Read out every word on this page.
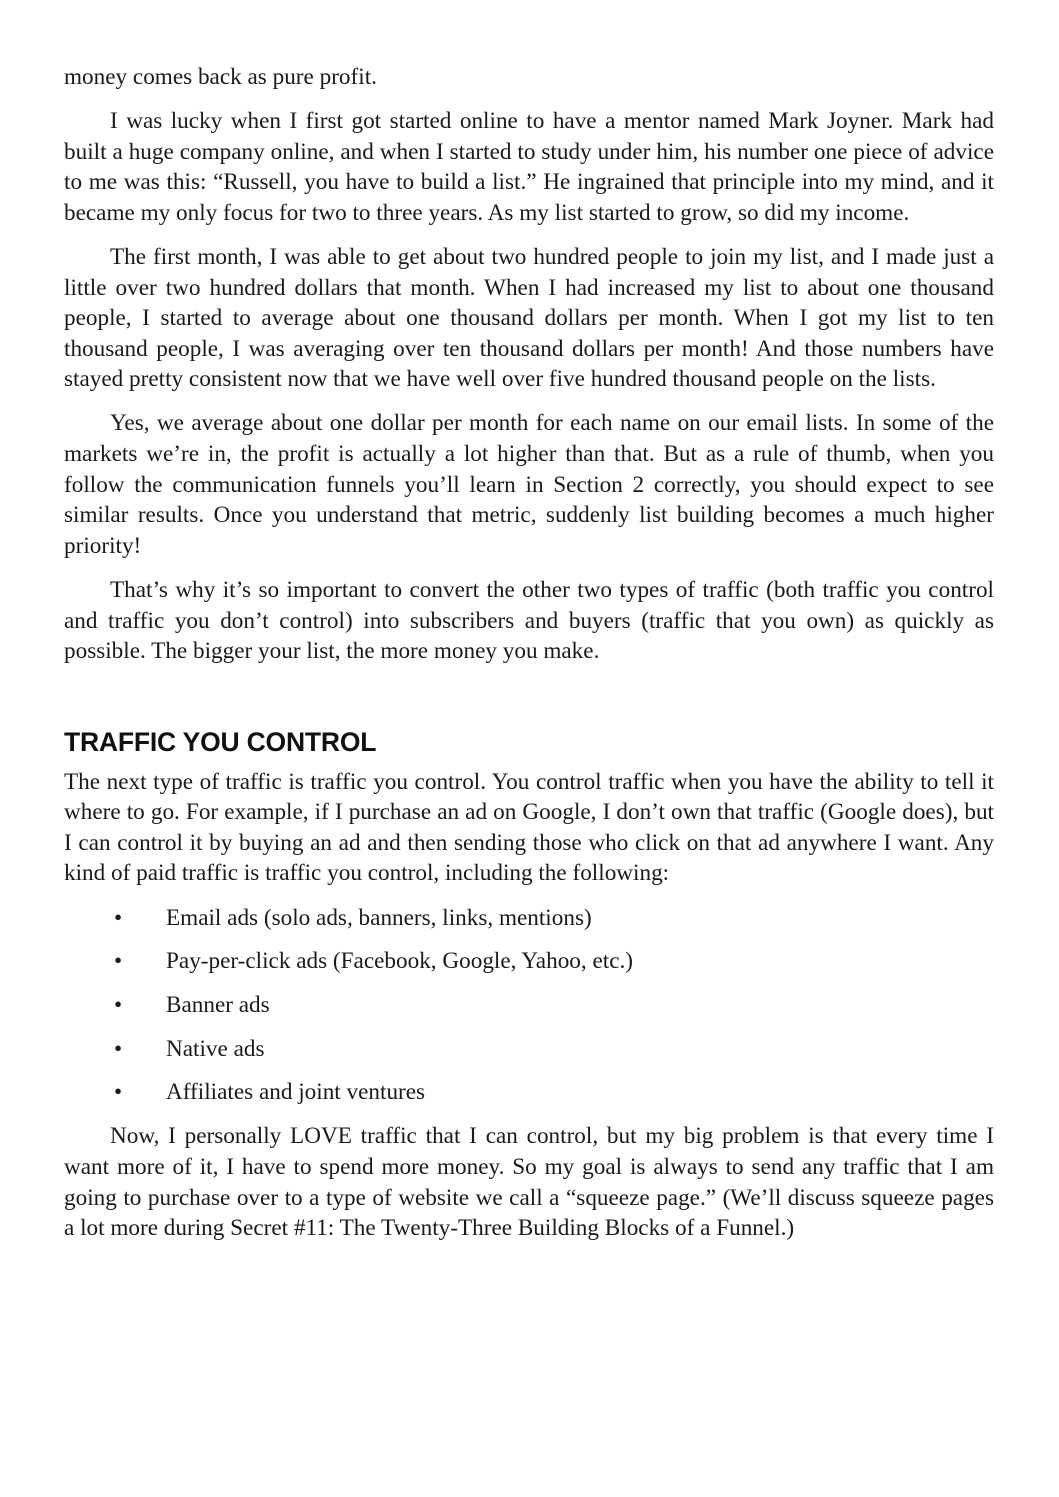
money comes back as pure profit.

I was lucky when I first got started online to have a mentor named Mark Joyner. Mark had built a huge company online, and when I started to study under him, his number one piece of advice to me was this: “Russell, you have to build a list.” He ingrained that principle into my mind, and it became my only focus for two to three years. As my list started to grow, so did my income.

The first month, I was able to get about two hundred people to join my list, and I made just a little over two hundred dollars that month. When I had increased my list to about one thousand people, I started to average about one thousand dollars per month. When I got my list to ten thousand people, I was averaging over ten thousand dollars per month! And those numbers have stayed pretty consistent now that we have well over five hundred thousand people on the lists.

Yes, we average about one dollar per month for each name on our email lists. In some of the markets we’re in, the profit is actually a lot higher than that. But as a rule of thumb, when you follow the communication funnels you’ll learn in Section 2 correctly, you should expect to see similar results. Once you understand that metric, suddenly list building becomes a much higher priority!

That’s why it’s so important to convert the other two types of traffic (both traffic you control and traffic you don’t control) into subscribers and buyers (traffic that you own) as quickly as possible. The bigger your list, the more money you make.

TRAFFIC YOU CONTROL

The next type of traffic is traffic you control. You control traffic when you have the ability to tell it where to go. For example, if I purchase an ad on Google, I don’t own that traffic (Google does), but I can control it by buying an ad and then sending those who click on that ad anywhere I want. Any kind of paid traffic is traffic you control, including the following:

• Email ads (solo ads, banners, links, mentions)
• Pay-per-click ads (Facebook, Google, Yahoo, etc.)
• Banner ads
• Native ads
• Affiliates and joint ventures

Now, I personally LOVE traffic that I can control, but my big problem is that every time I want more of it, I have to spend more money. So my goal is always to send any traffic that I am going to purchase over to a type of website we call a “squeeze page.” (We’ll discuss squeeze pages a lot more during Secret #11: The Twenty-Three Building Blocks of a Funnel.)
